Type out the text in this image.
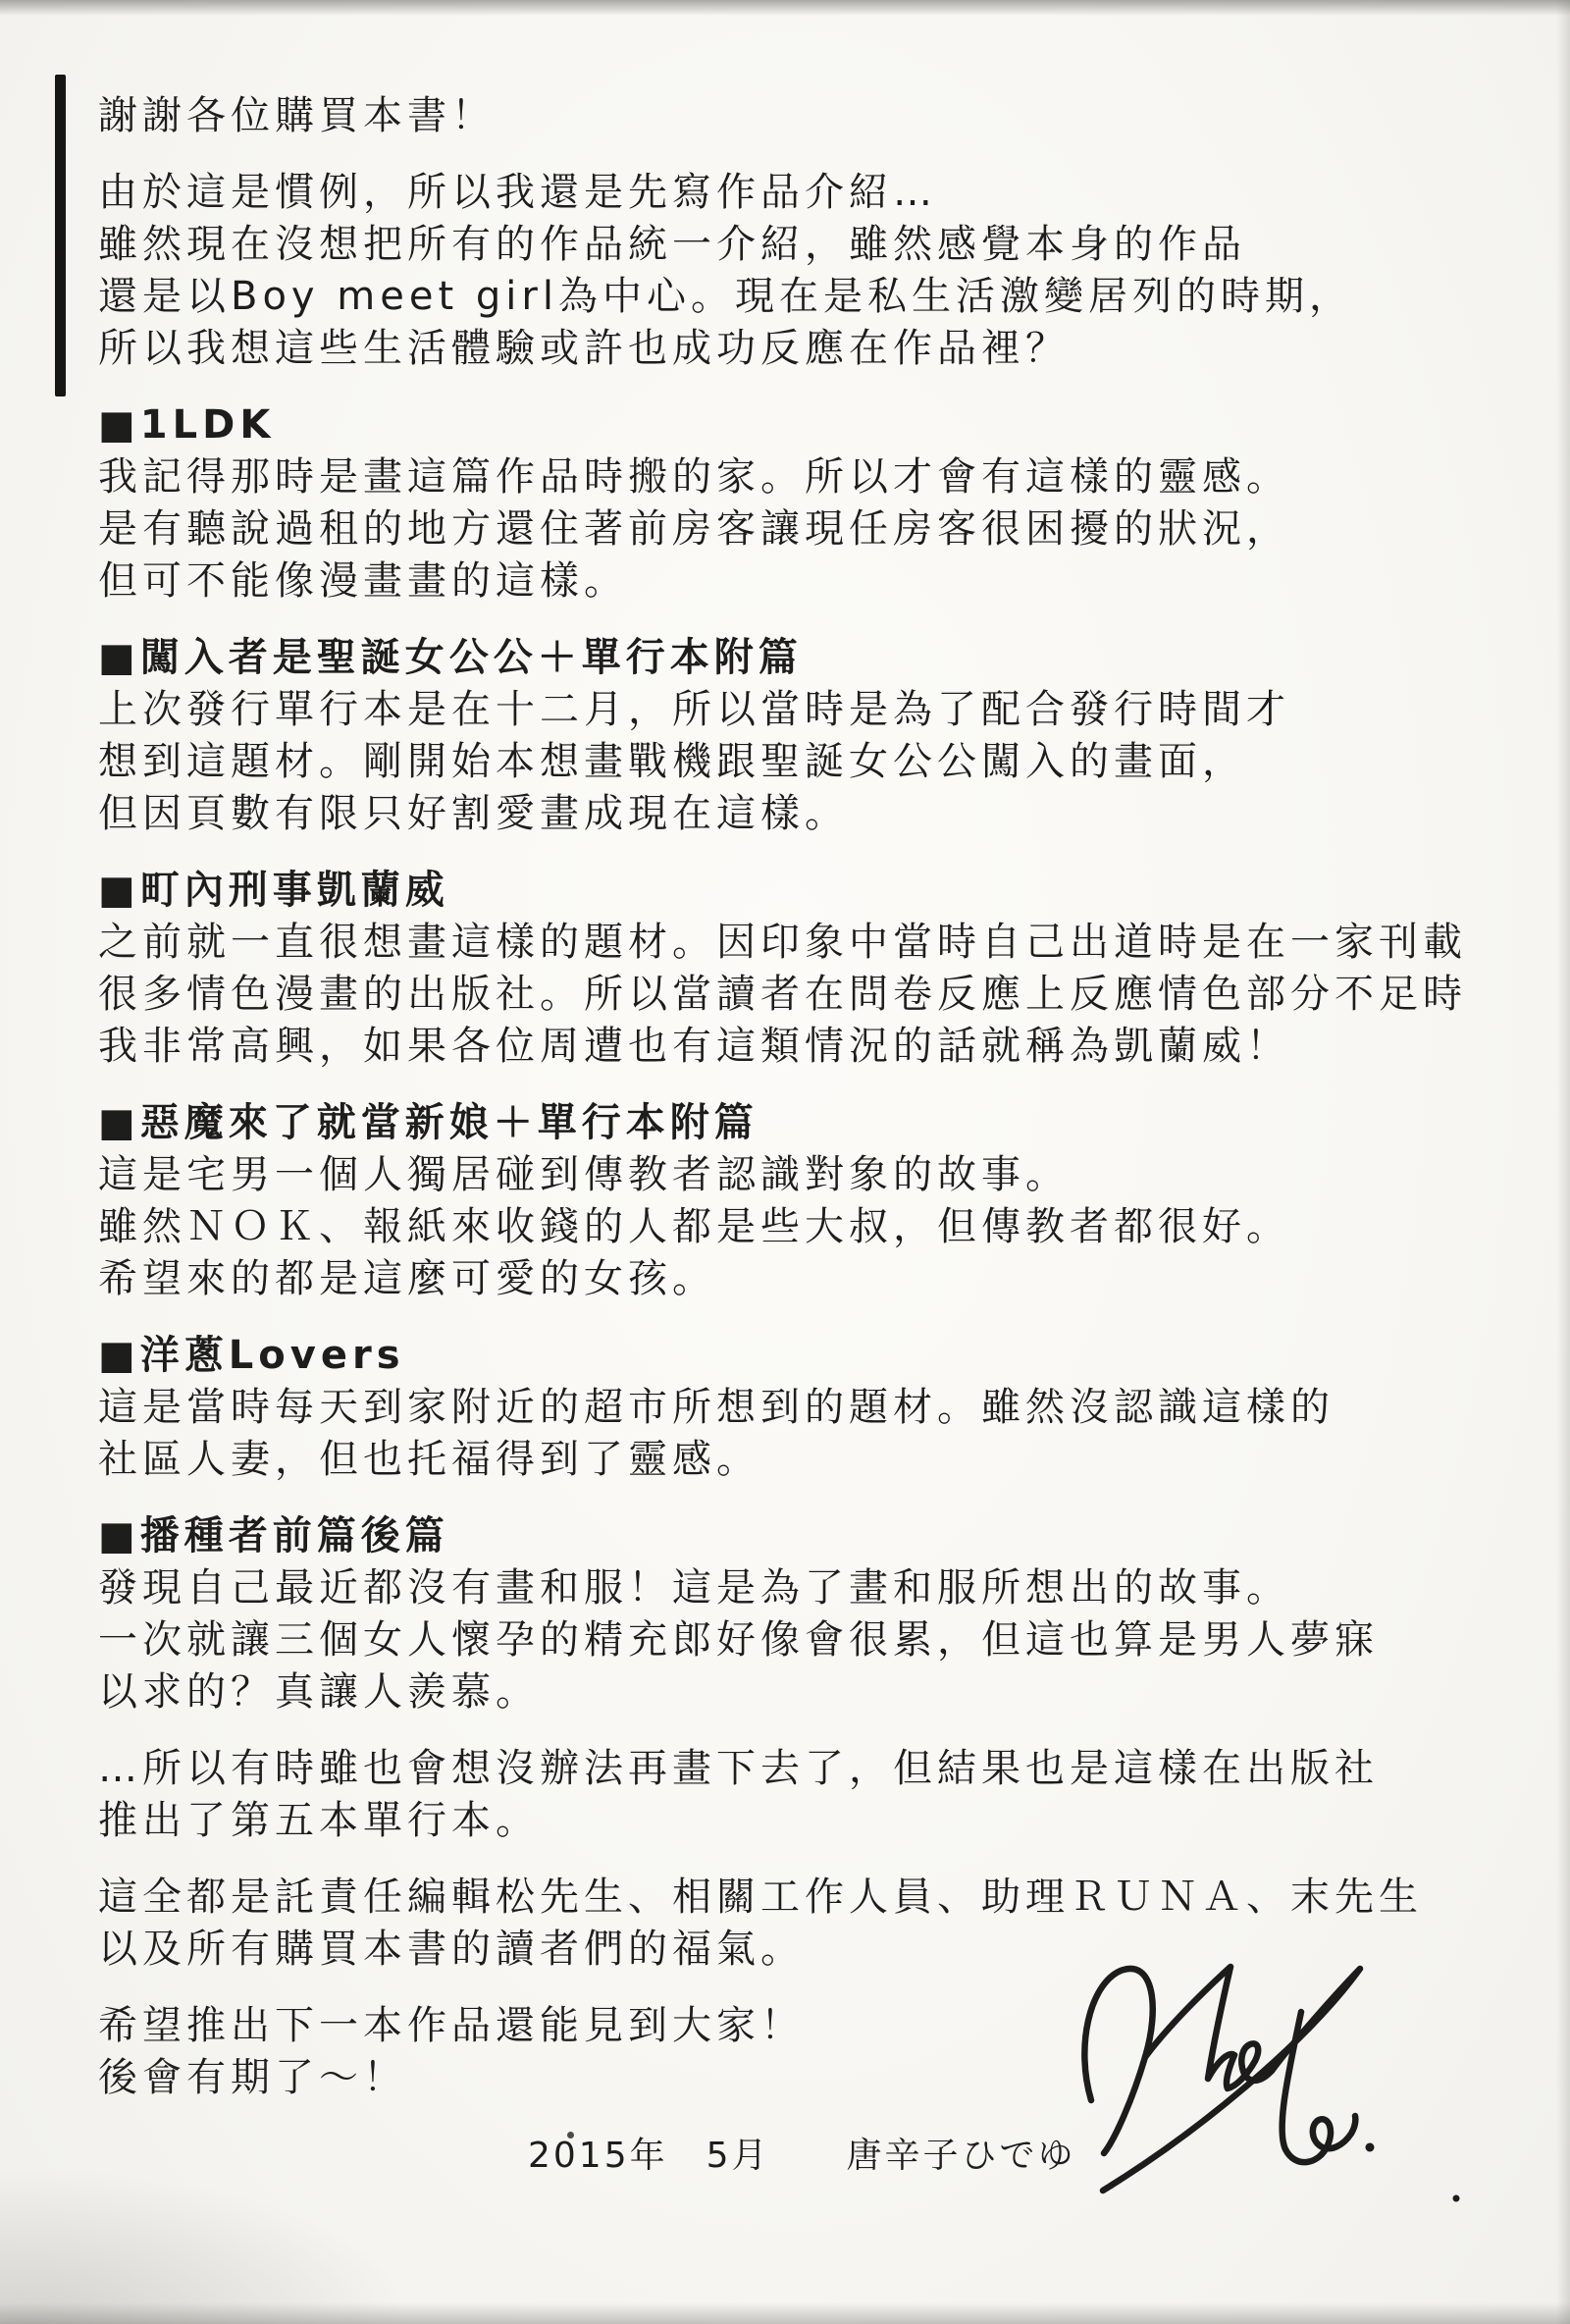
謝謝各位購買本書！
由於這是慣例，所以我還是先寫作品介紹…
雖然現在沒想把所有的作品統一介紹，雖然感覺本身的作品
還是以Boy meet girl為中心。現在是私生活激變居列的時期，
所以我想這些生活體驗或許也成功反應在作品裡？
■1LDK
我記得那時是畫這篇作品時搬的家。所以才會有這樣的靈感。
是有聽說過租的地方還住著前房客讓現任房客很困擾的狀況，
但可不能像漫畫畫的這樣。
■闖入者是聖誕女公公＋單行本附篇
上次發行單行本是在十二月，所以當時是為了配合發行時間才
想到這題材。剛開始本想畫戰機跟聖誕女公公闖入的畫面，
但因頁數有限只好割愛畫成現在這樣。
■町內刑事凱蘭威
之前就一直很想畫這樣的題材。因印象中當時自己出道時是在一家刊載
很多情色漫畫的出版社。所以當讀者在問卷反應上反應情色部分不足時
我非常高興，如果各位周遭也有這類情況的話就稱為凱蘭威！
■惡魔來了就當新娘＋單行本附篇
這是宅男一個人獨居碰到傳教者認識對象的故事。
雖然ＮＯＫ、報紙來收錢的人都是些大叔，但傳教者都很好。
希望來的都是這麼可愛的女孩。
■洋蔥Lovers
這是當時每天到家附近的超市所想到的題材。雖然沒認識這樣的
社區人妻，但也托福得到了靈感。
■播種者前篇後篇
發現自己最近都沒有畫和服！這是為了畫和服所想出的故事。
一次就讓三個女人懷孕的精充郎好像會很累，但這也算是男人夢寐
以求的？真讓人羨慕。
…所以有時雖也會想沒辦法再畫下去了，但結果也是這樣在出版社
推出了第五本單行本。
這全都是託責任編輯松先生、相關工作人員、助理ＲＵＮＡ、末先生
以及所有購買本書的讀者們的福氣。
希望推出下一本作品還能見到大家！
後會有期了～！
2015年　5月　　唐辛子ひでゆ
